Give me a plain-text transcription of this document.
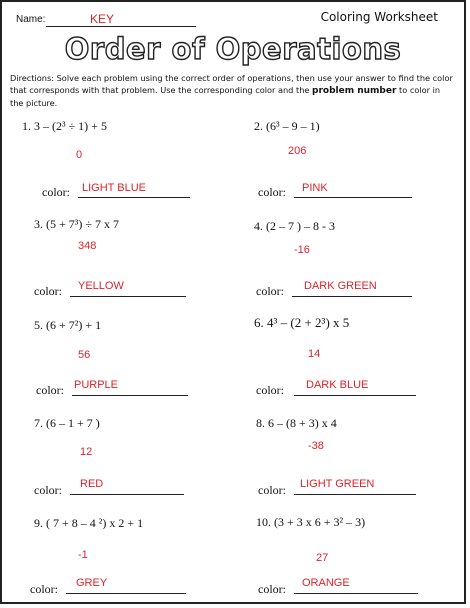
Name:	KEY	Coloring Worksheet
Order of Operations
Directions: Solve each problem using the correct order of operations, then use your answer to find the color that corresponds with that problem. Use the corresponding color and the problem number to color in the picture.
1. 3 – (2³ ÷ 1) + 5
0
color: LIGHT BLUE
2. (6³ – 9 – 1)
206
color: PINK
3. (5 + 7³) ÷ 7 x 7
348
color: YELLOW
4. (2 – 7 ) – 8 - 3
-16
color: DARK GREEN
5. (6 + 7²) + 1
56
color: PURPLE
6. 4³ – (2 + 2³) x 5
14
color: DARK BLUE
7. (6 – 1 + 7 )
12
color: RED
8. 6 – (8 + 3) x 4
-38
color: LIGHT GREEN
9. ( 7 + 8 – 4 ²) x 2 + 1
-1
color: GREY
10. (3 + 3 x 6 + 3² – 3)
27
color: ORANGE
